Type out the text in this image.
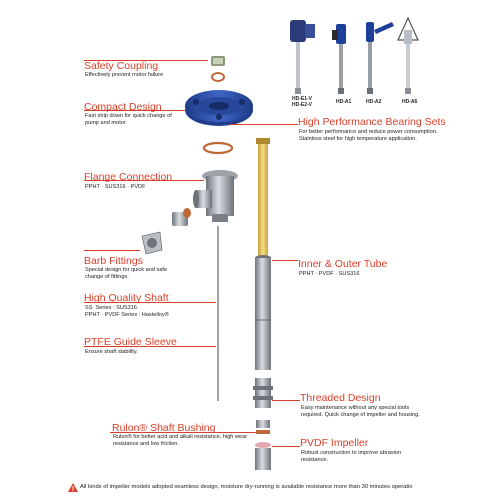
HD-E1-V
HD-E2-V	HD-A1	HD-A2	HD-A6
Safety Coupling
Effectively prevent motor failure
Compact Design
Fast strip down for quick change of pump and motor
Flange Connection
PPHT · SUS316 · PVDF
Barb Fittings
Special design for quick and safe change of fittings.
High Quality Shaft
SS  Series : SUS316
PPHT · PVDF Series : Hastelloy®
PTFE Guide Sleeve
Ensure shaft stability.
Rulon® Shaft Bushing
Rulon® for better acid and alkali resistance, high wear resistance and low friction.
High Performance Bearing Sets
For better performance and reduce power consumption.
Stainless steel for high temperature application.
Inner & Outer Tube
PPHT · PVDF · SUS316
Threaded Design
Easy maintenance without any special tools required. Quick change of impeller and housing.
PVDF Impeller
Robust construction to improve abrasion resistance.
All kinds of impeller models adopted seamless design, moisture dry-running is available resistance more than 30 minutes operatio
